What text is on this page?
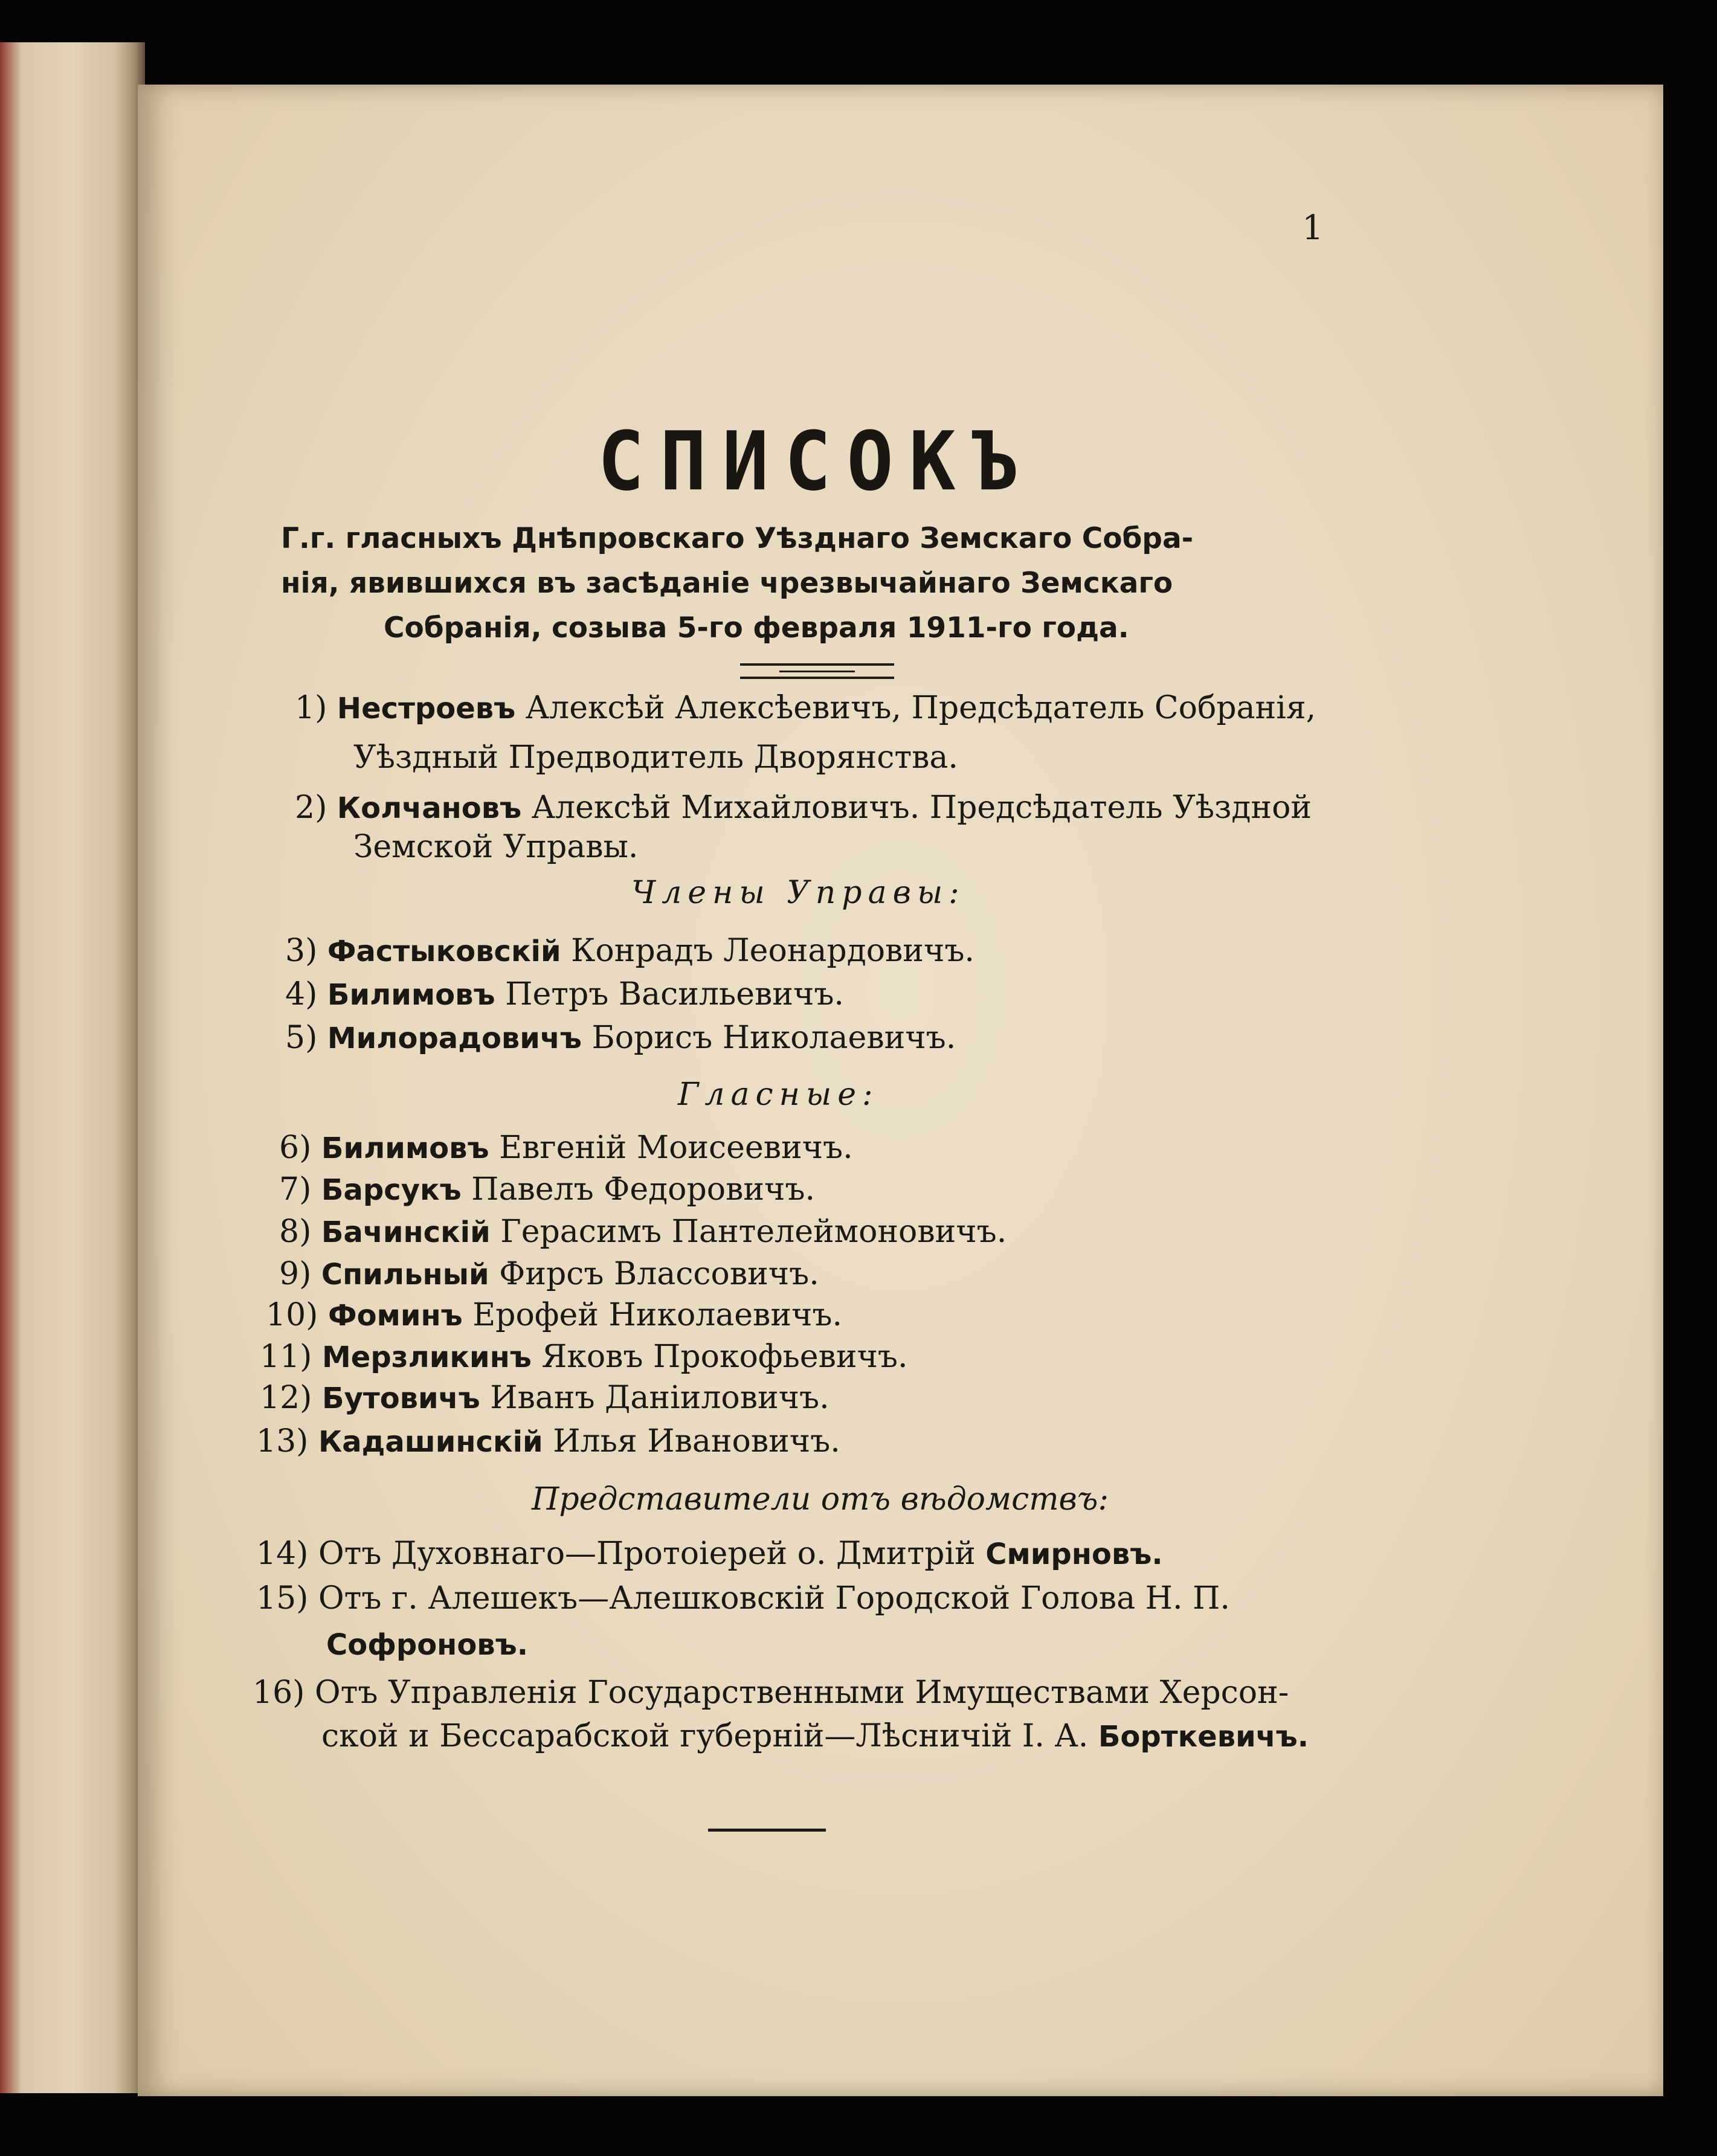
1
СПИСОКЪ
Г.г. гласныхъ Днѣпровскаго Уѣзднаго Земскаго Собра-
нія, явившихся въ засѣданіе чрезвычайнаго Земскаго
Собранія, созыва 5-го февраля 1911-го года.
1) Нестроевъ Алексѣй Алексѣевичъ, Предсѣдатель Собранія,
Уѣздный Предводитель Дворянства.
2) Колчановъ Алексѣй Михайловичъ. Предсѣдатель Уѣздной
Земской Управы.
Члены Управы:
3) Фастыковскій Конрадъ Леонардовичъ.
4) Билимовъ Петръ Васильевичъ.
5) Милорадовичъ Борисъ Николаевичъ.
Гласные:
6) Билимовъ Евгеній Моисеевичъ.
7) Барсукъ Павелъ Федоровичъ.
8) Бачинскій Герасимъ Пантелеймоновичъ.
9) Спильный Фирсъ Влассовичъ.
10) Фоминъ Ерофей Николаевичъ.
11) Мерзликинъ Яковъ Прокофьевичъ.
12) Бутовичъ Иванъ Даніиловичъ.
13) Кадашинскій Илья Ивановичъ.
Представители отъ вѣдомствъ:
14) Отъ Духовнаго—Протоіерей о. Дмитрій Смирновъ.
15) Отъ г. Алешекъ—Алешковскій Городской Голова Н. П.
Софроновъ.
16) Отъ Управленія Государственными Имуществами Херсон-
ской и Бессарабской губерній—Лѣсничій І. А. Борткевичъ.
